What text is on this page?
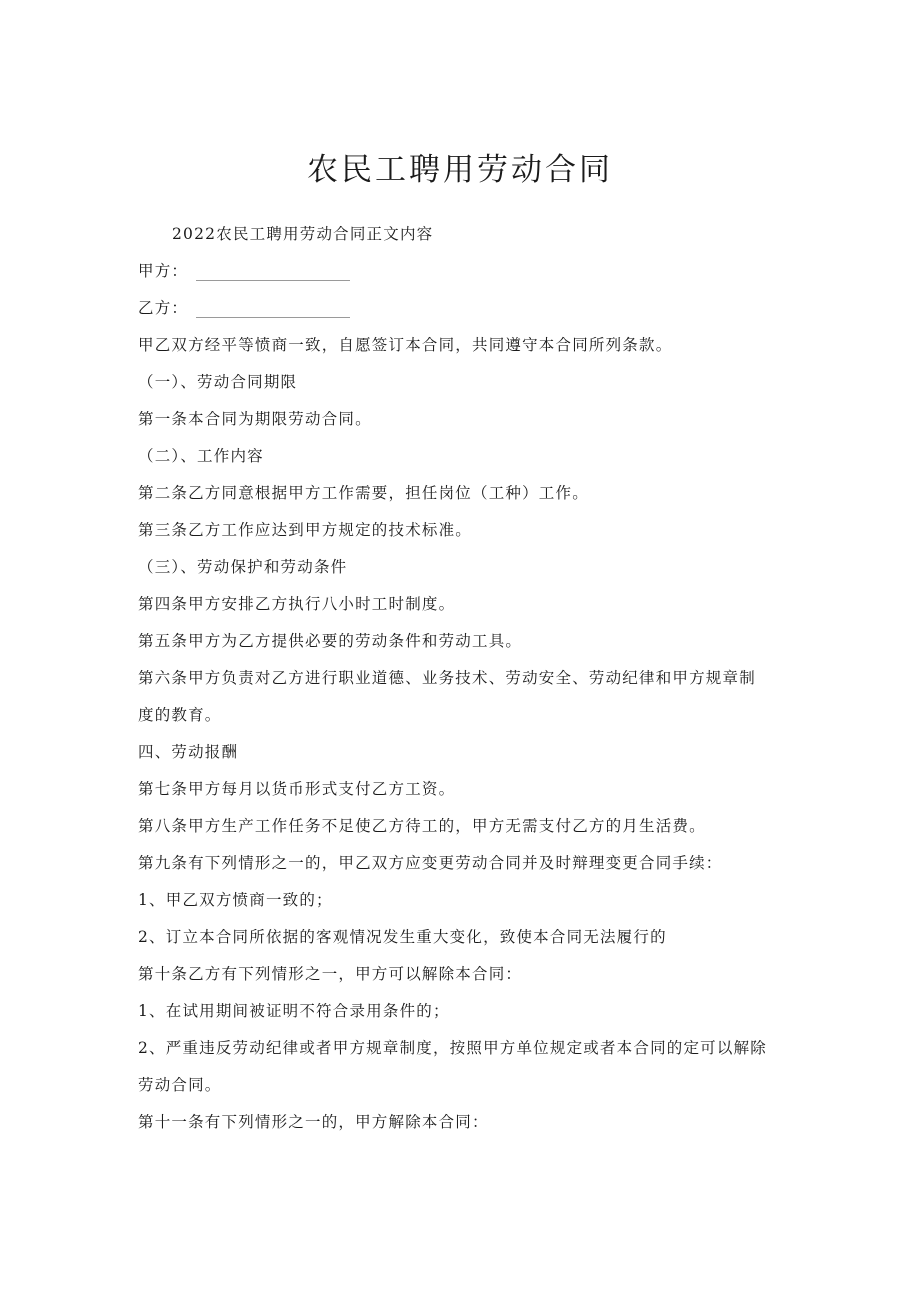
农民工聘用劳动合同
2022农民工聘用劳动合同正文内容
甲方：
乙方：
甲乙双方经平等愤商一致，自愿签订本合同，共同遵守本合同所列条款。
（一）、劳动合同期限
第一条本合同为期限劳动合同。
（二）、工作内容
第二条乙方同意根据甲方工作需要，担任岗位（工种）工作。
第三条乙方工作应达到甲方规定的技术标准。
（三）、劳动保护和劳动条件
第四条甲方安排乙方执行八小时工时制度。
第五条甲方为乙方提供必要的劳动条件和劳动工具。
第六条甲方负责对乙方进行职业道德、业务技术、劳动安全、劳动纪律和甲方规章制
度的教育。
四、劳动报酬
第七条甲方每月以货币形式支付乙方工资。
第八条甲方生产工作任务不足使乙方待工的，甲方无需支付乙方的月生活费。
第九条有下列情形之一的，甲乙双方应变更劳动合同并及时辩理变更合同手续：
1、甲乙双方愤商一致的；
2、订立本合同所依据的客观情况发生重大变化，致使本合同无法履行的
第十条乙方有下列情形之一，甲方可以解除本合同：
1、在试用期间被证明不符合录用条件的；
2、严重违反劳动纪律或者甲方规章制度，按照甲方单位规定或者本合同的定可以解除
劳动合同。
第十一条有下列情形之一的，甲方解除本合同：
